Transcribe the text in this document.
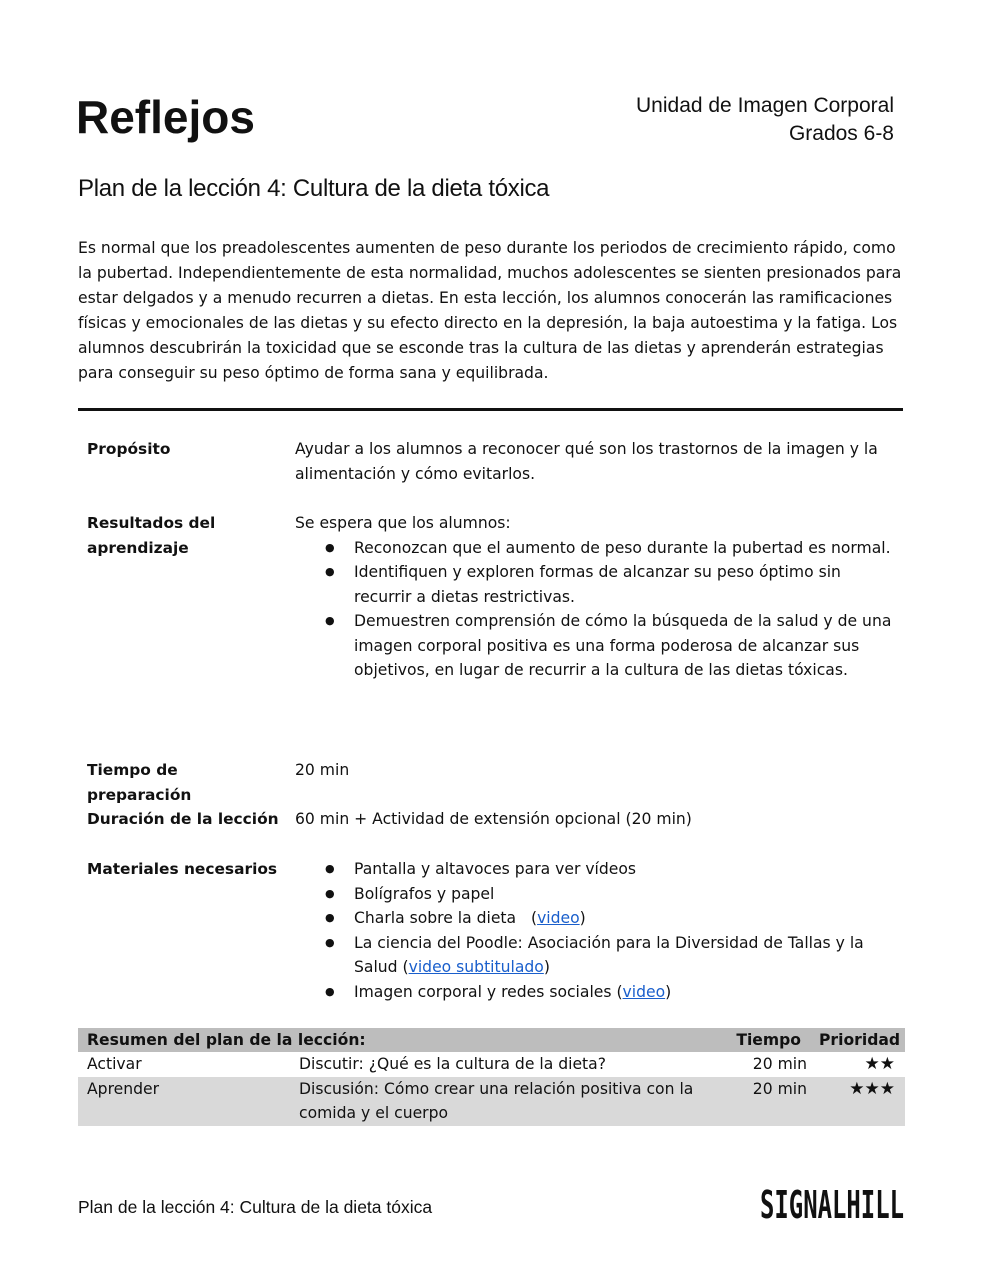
Reflejos	Unidad de Imagen Corporal
Grados 6-8
Plan de la lección 4: Cultura de la dieta tóxica

Es normal que los preadolescentes aumenten de peso durante los periodos de crecimiento rápido, como la pubertad. Independientemente de esta normalidad, muchos adolescentes se sienten presionados para estar delgados y a menudo recurren a dietas. En esta lección, los alumnos conocerán las ramificaciones físicas y emocionales de las dietas y su efecto directo en la depresión, la baja autoestima y la fatiga. Los alumnos descubrirán la toxicidad que se esconde tras la cultura de las dietas y aprenderán estrategias para conseguir su peso óptimo de forma sana y equilibrada.

Propósito	Ayudar a los alumnos a reconocer qué son los trastornos de la imagen y la alimentación y cómo evitarlos.
Resultados del aprendizaje
Se espera que los alumnos:
● Reconozcan que el aumento de peso durante la pubertad es normal.
● Identifiquen y exploren formas de alcanzar su peso óptimo sin recurrir a dietas restrictivas.
● Demuestren comprensión de cómo la búsqueda de la salud y de una imagen corporal positiva es una forma poderosa de alcanzar sus objetivos, en lugar de recurrir a la cultura de las dietas tóxicas.
Tiempo de preparación
20 min
Duración de la lección	60 min + Actividad de extensión opcional (20 min)
Materiales necesarios
●	Pantalla y altavoces para ver vídeos
● Bolígrafos y papel
● Charla sobre la dieta   (video)
● La ciencia del Poodle: Asociación para la Diversidad de Tallas y la Salud (video subtitulado)
● Imagen corporal y redes sociales (video)
Resumen del plan de la lección:	Tiempo	Prioridad
Activar	Discutir: ¿Qué es la cultura de la dieta?	20 min	★★
Aprender	Discusión: Cómo crear una relación positiva con la comida y el cuerpo
20 min	★★★
Plan de la lección 4: Cultura de la dieta tóxica	SIGNALHILL
